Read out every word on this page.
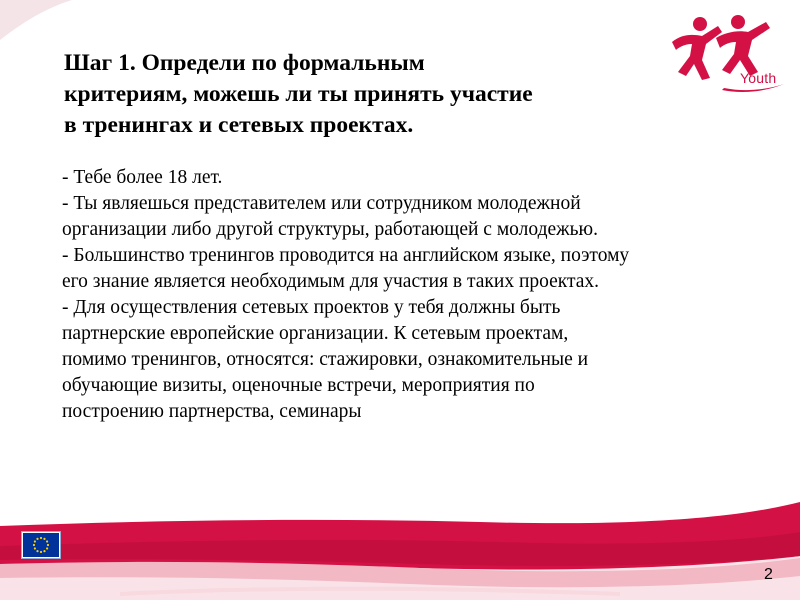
Шаг 1. Определи по формальным
критериям, можешь ли ты принять участие
в тренингах и сетевых проектах.
Youth
- Тебе более 18 лет.
- Ты являешься представителем или сотрудником молодежной
организации либо другой структуры, работающей с молодежью.
- Большинство тренингов проводится на английском языке, поэтому
его знание является необходимым для участия в таких проектах.
- Для осуществления сетевых проектов у тебя должны быть
партнерские европейские организации. К сетевым проектам,
помимо тренингов, относятся: стажировки, ознакомительные и
обучающие визиты, оценочные встречи, мероприятия по
построению партнерства, семинары
2
